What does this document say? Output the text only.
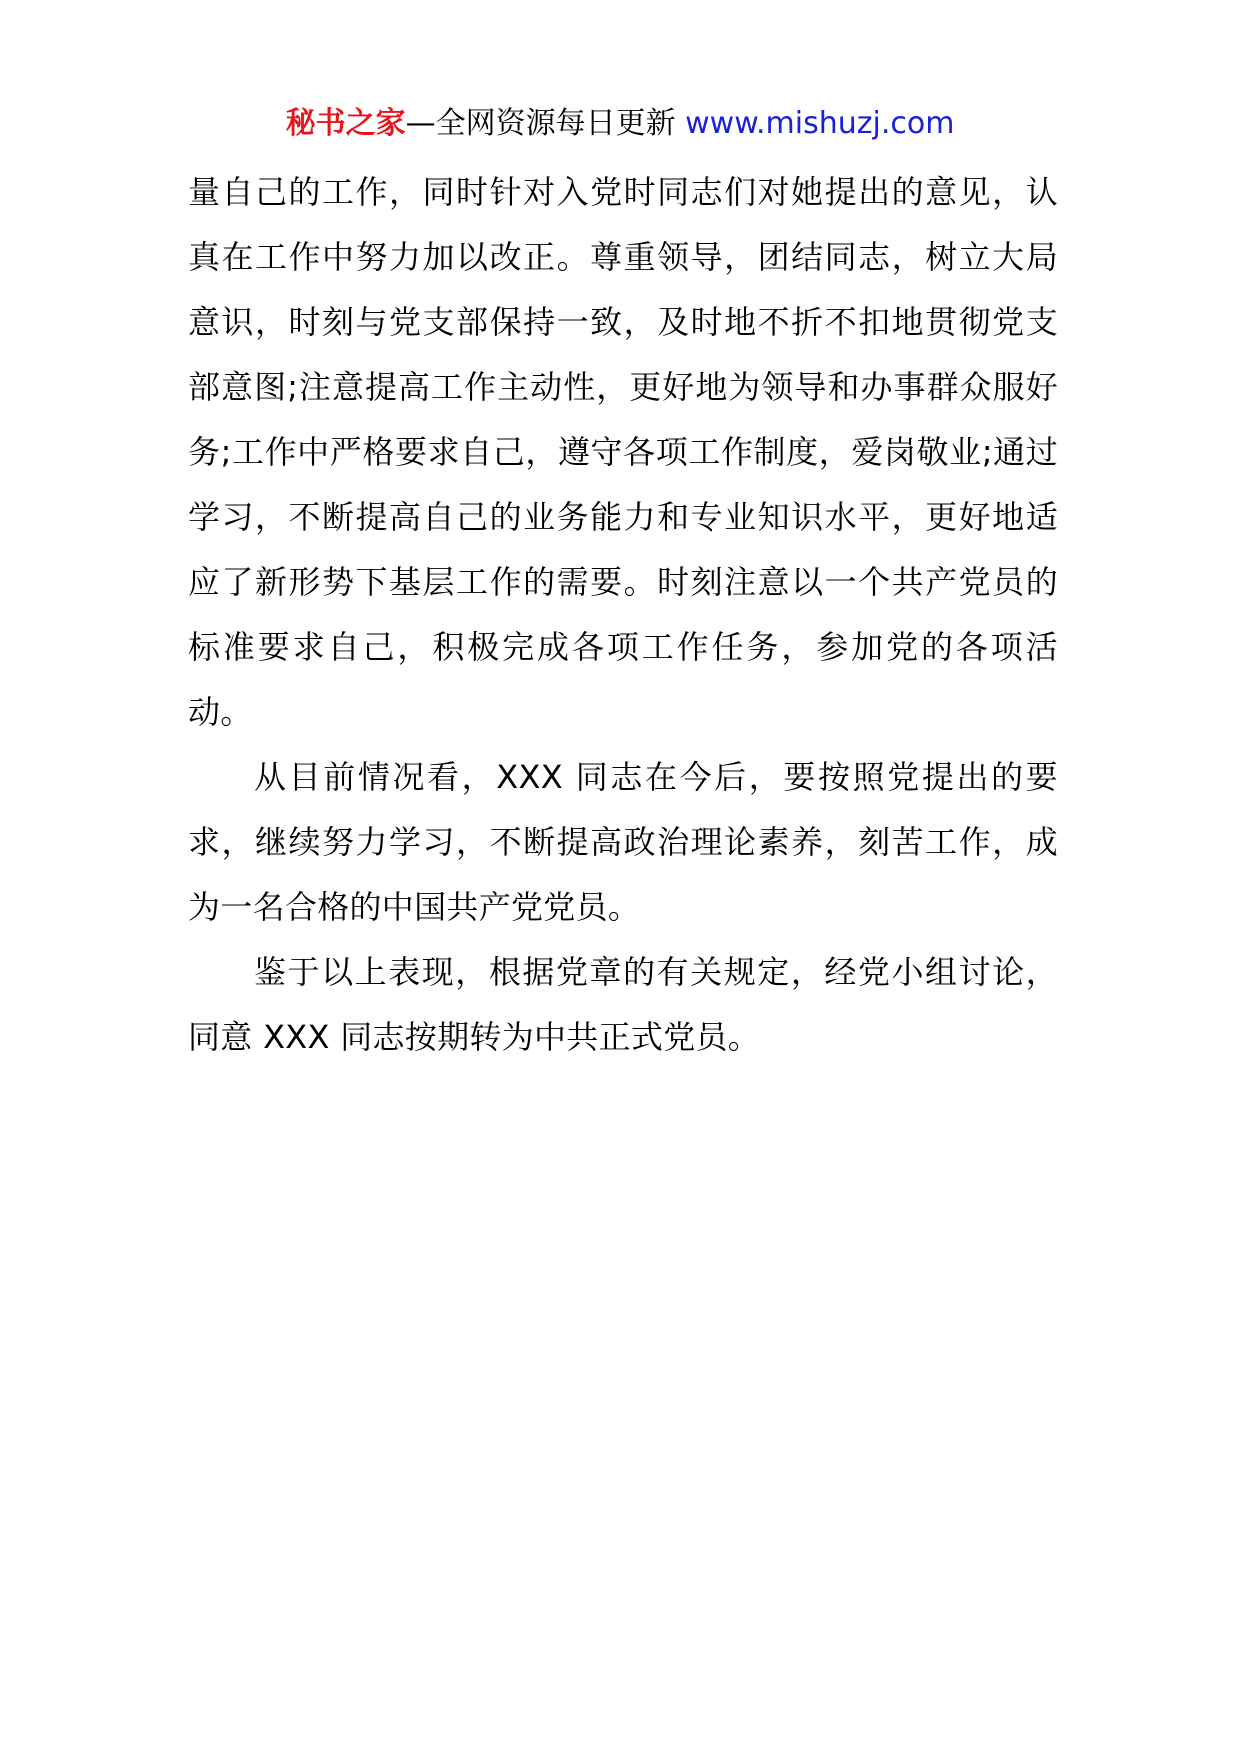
秘书之家—全网资源每日更新 www.mishuzj.com

量自己的工作，同时针对入党时同志们对她提出的意见，认真在工作中努力加以改正。尊重领导，团结同志，树立大局意识，时刻与党支部保持一致，及时地不折不扣地贯彻党支部意图;注意提高工作主动性，更好地为领导和办事群众服好务;工作中严格要求自己，遵守各项工作制度，爱岗敬业;通过学习，不断提高自己的业务能力和专业知识水平，更好地适应了新形势下基层工作的需要。时刻注意以一个共产党员的标准要求自己，积极完成各项工作任务，参加党的各项活动。

从目前情况看，XXX 同志在今后，要按照党提出的要求，继续努力学习，不断提高政治理论素养，刻苦工作，成为一名合格的中国共产党党员。

鉴于以上表现，根据党章的有关规定，经党小组讨论，同意 XXX 同志按期转为中共正式党员。
